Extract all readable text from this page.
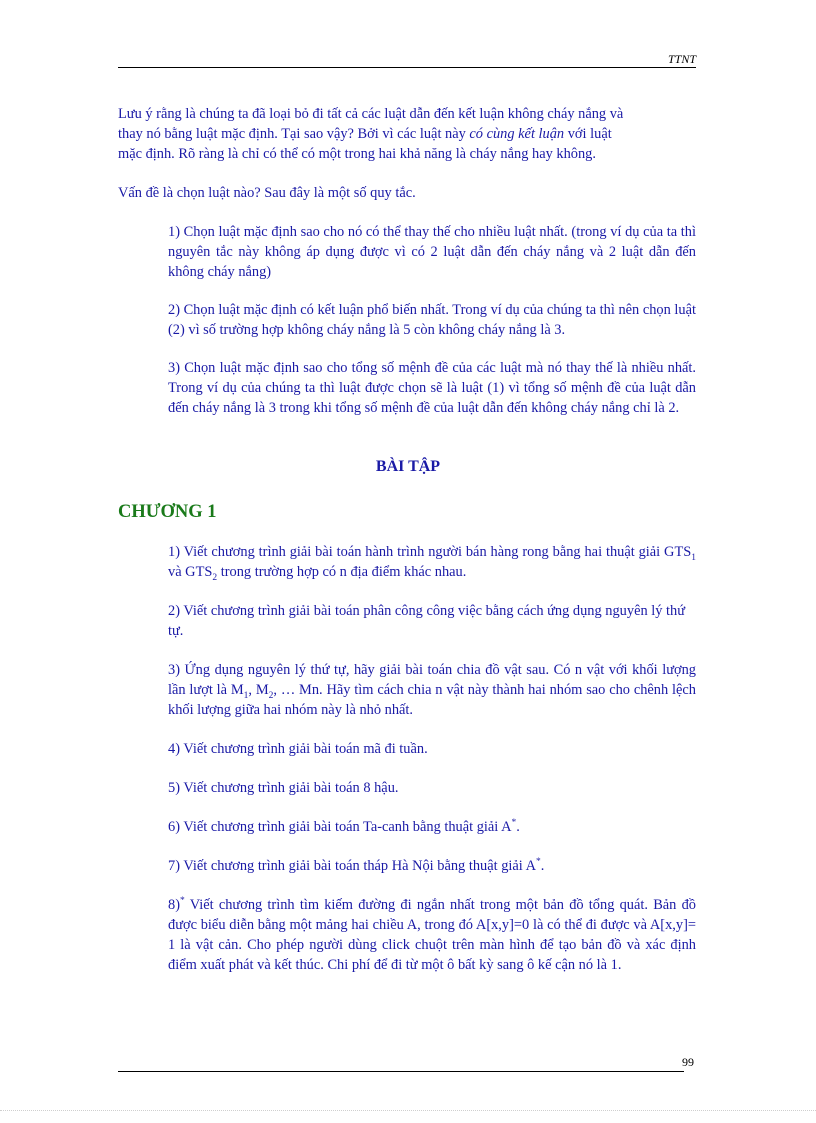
TTNT

Lưu ý rằng là chúng ta đã loại bỏ đi tất cả các luật dẫn đến kết luận không cháy nắng và
thay nó bằng luật mặc định. Tại sao vậy? Bởi vì các luật này có cùng kết luận với luật
mặc định. Rõ ràng là chỉ có thể có một trong hai khả năng là cháy nắng hay không.

Vấn đề là chọn luật nào? Sau đây là một số quy tắc.

1) Chọn luật mặc định sao cho nó có thể thay thế cho nhiều luật nhất. (trong ví dụ của ta thì nguyên tắc này không áp dụng được vì có 2 luật dẫn đến cháy nắng và 2 luật dẫn đến không cháy nắng)

2) Chọn luật mặc định có kết luận phổ biến nhất. Trong ví dụ của chúng ta thì nên chọn luật (2) vì số trường hợp không cháy nắng là 5 còn không cháy nắng là 3.

3) Chọn luật mặc định sao cho tổng số mệnh đề của các luật mà nó thay thế là nhiều nhất. Trong ví dụ của chúng ta thì luật được chọn sẽ là luật (1) vì tổng số mệnh đề của luật dẫn đến cháy nắng là 3 trong khi tổng số mệnh đề của luật dẫn đến không cháy nắng chỉ là 2.

BÀI TẬP
CHƯƠNG 1

1) Viết chương trình giải bài toán hành trình người bán hàng rong bằng hai thuật giải $GTS_1$ và $GTS_2$ trong trường hợp có n địa điểm khác nhau.

2) Viết chương trình giải bài toán phân công công việc bằng cách ứng dụng nguyên lý thứ tự.

3) Ứng dụng nguyên lý thứ tự, hãy giải bài toán chia đồ vật sau. Có n vật với khối lượng lần lượt là $M_1$, $M_2$, … Mn. Hãy tìm cách chia n vật này thành hai nhóm sao cho chênh lệch khối lượng giữa hai nhóm này là nhỏ nhất.

4) Viết chương trình giải bài toán mã đi tuần.

5) Viết chương trình giải bài toán 8 hậu.

6) Viết chương trình giải bài toán Ta-canh bằng thuật giải A*.

7) Viết chương trình giải bài toán tháp Hà Nội bằng thuật giải A*.

8)* Viết chương trình tìm kiếm đường đi ngắn nhất trong một bản đồ tổng quát. Bản đồ được biểu diễn bằng một mảng hai chiều A, trong đó A[x,y]=0 là có thể đi được và A[x,y]= 1 là vật cản. Cho phép người dùng click chuột trên màn hình để tạo bản đồ và xác định điểm xuất phát và kết thúc. Chi phí để đi từ một ô bất kỳ sang ô kế cận nó là 1.

99
